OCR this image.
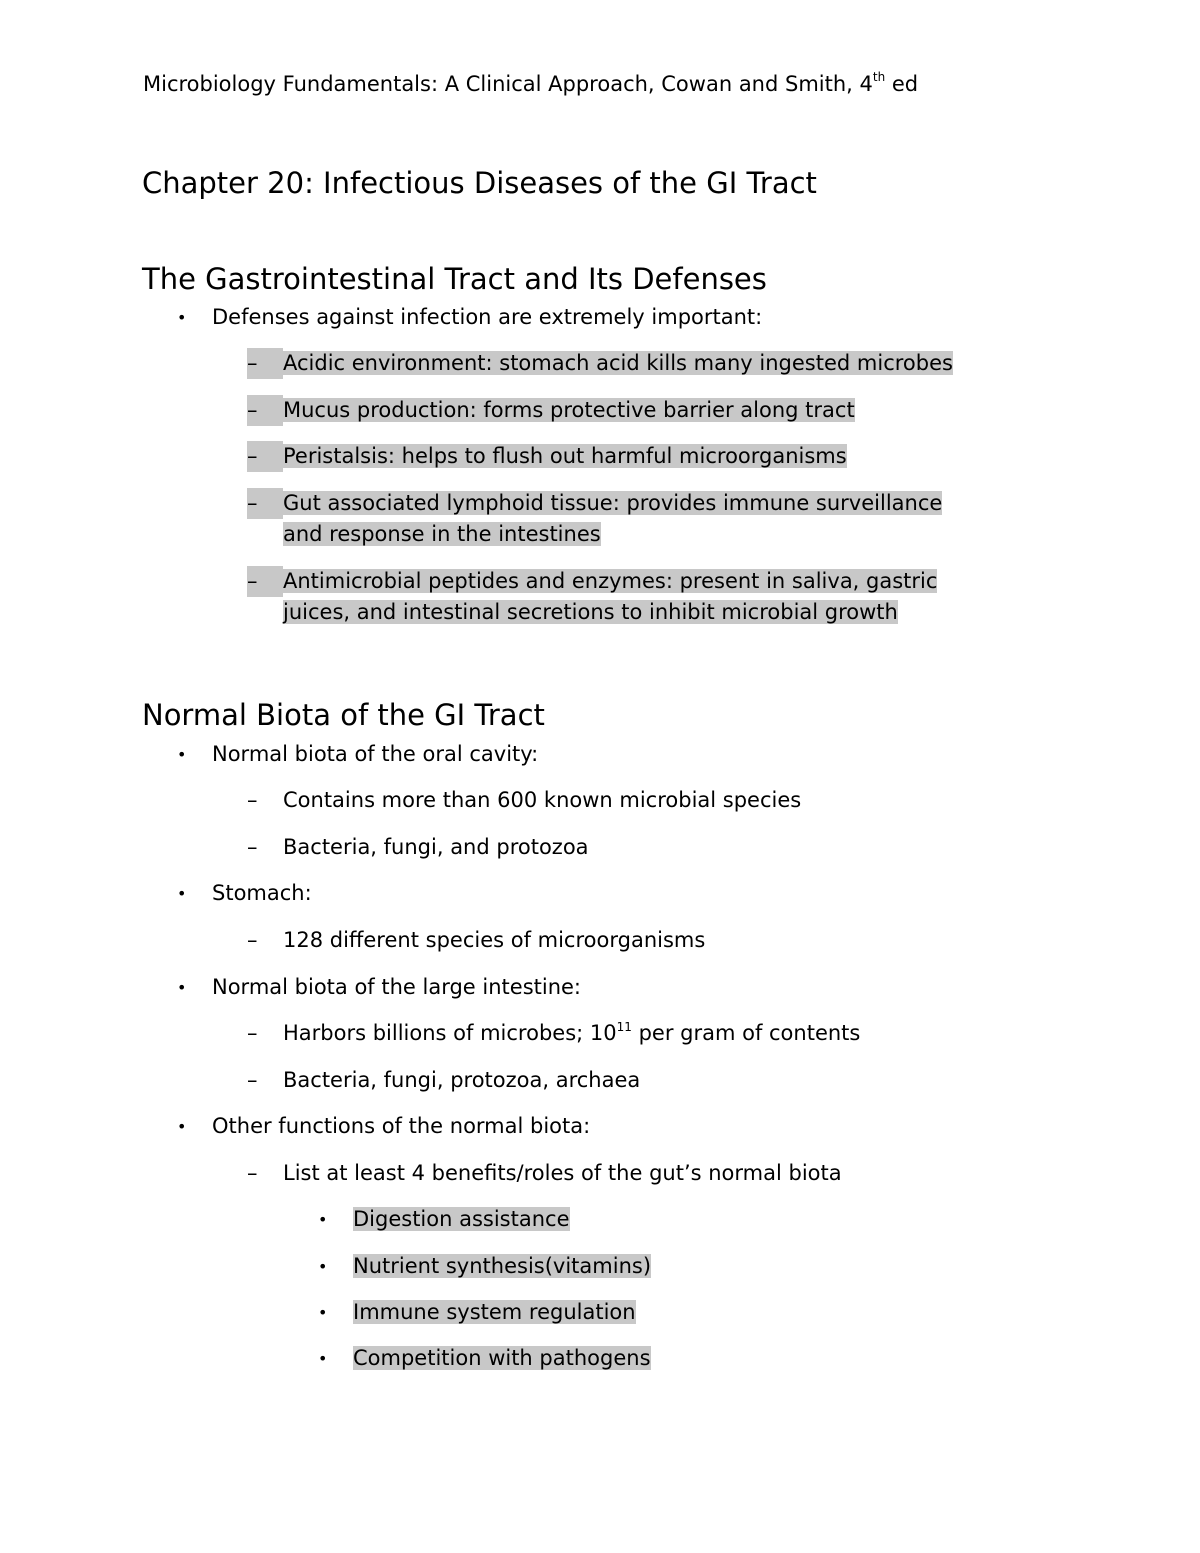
Microbiology Fundamentals: A Clinical Approach, Cowan and Smith, 4th ed
Chapter 20: Infectious Diseases of the GI Tract
The Gastrointestinal Tract and Its Defenses
• Defenses against infection are extremely important:
– Acidic environment: stomach acid kills many ingested microbes
– Mucus production: forms protective barrier along tract
– Peristalsis: helps to flush out harmful microorganisms
– Gut associated lymphoid tissue: provides immune surveillance
and response in the intestines
– Antimicrobial peptides and enzymes: present in saliva, gastric
juices, and intestinal secretions to inhibit microbial growth
Normal Biota of the GI Tract
• Normal biota of the oral cavity:
– Contains more than 600 known microbial species
– Bacteria, fungi, and protozoa
• Stomach:
– 128 different species of microorganisms
• Normal biota of the large intestine:
– Harbors billions of microbes; $10^{11}$ per gram of contents
– Bacteria, fungi, protozoa, archaea
• Other functions of the normal biota:
– List at least 4 benefits/roles of the gut’s normal biota
• Digestion assistance
• Nutrient synthesis(vitamins)
• Immune system regulation
• Competition with pathogens
